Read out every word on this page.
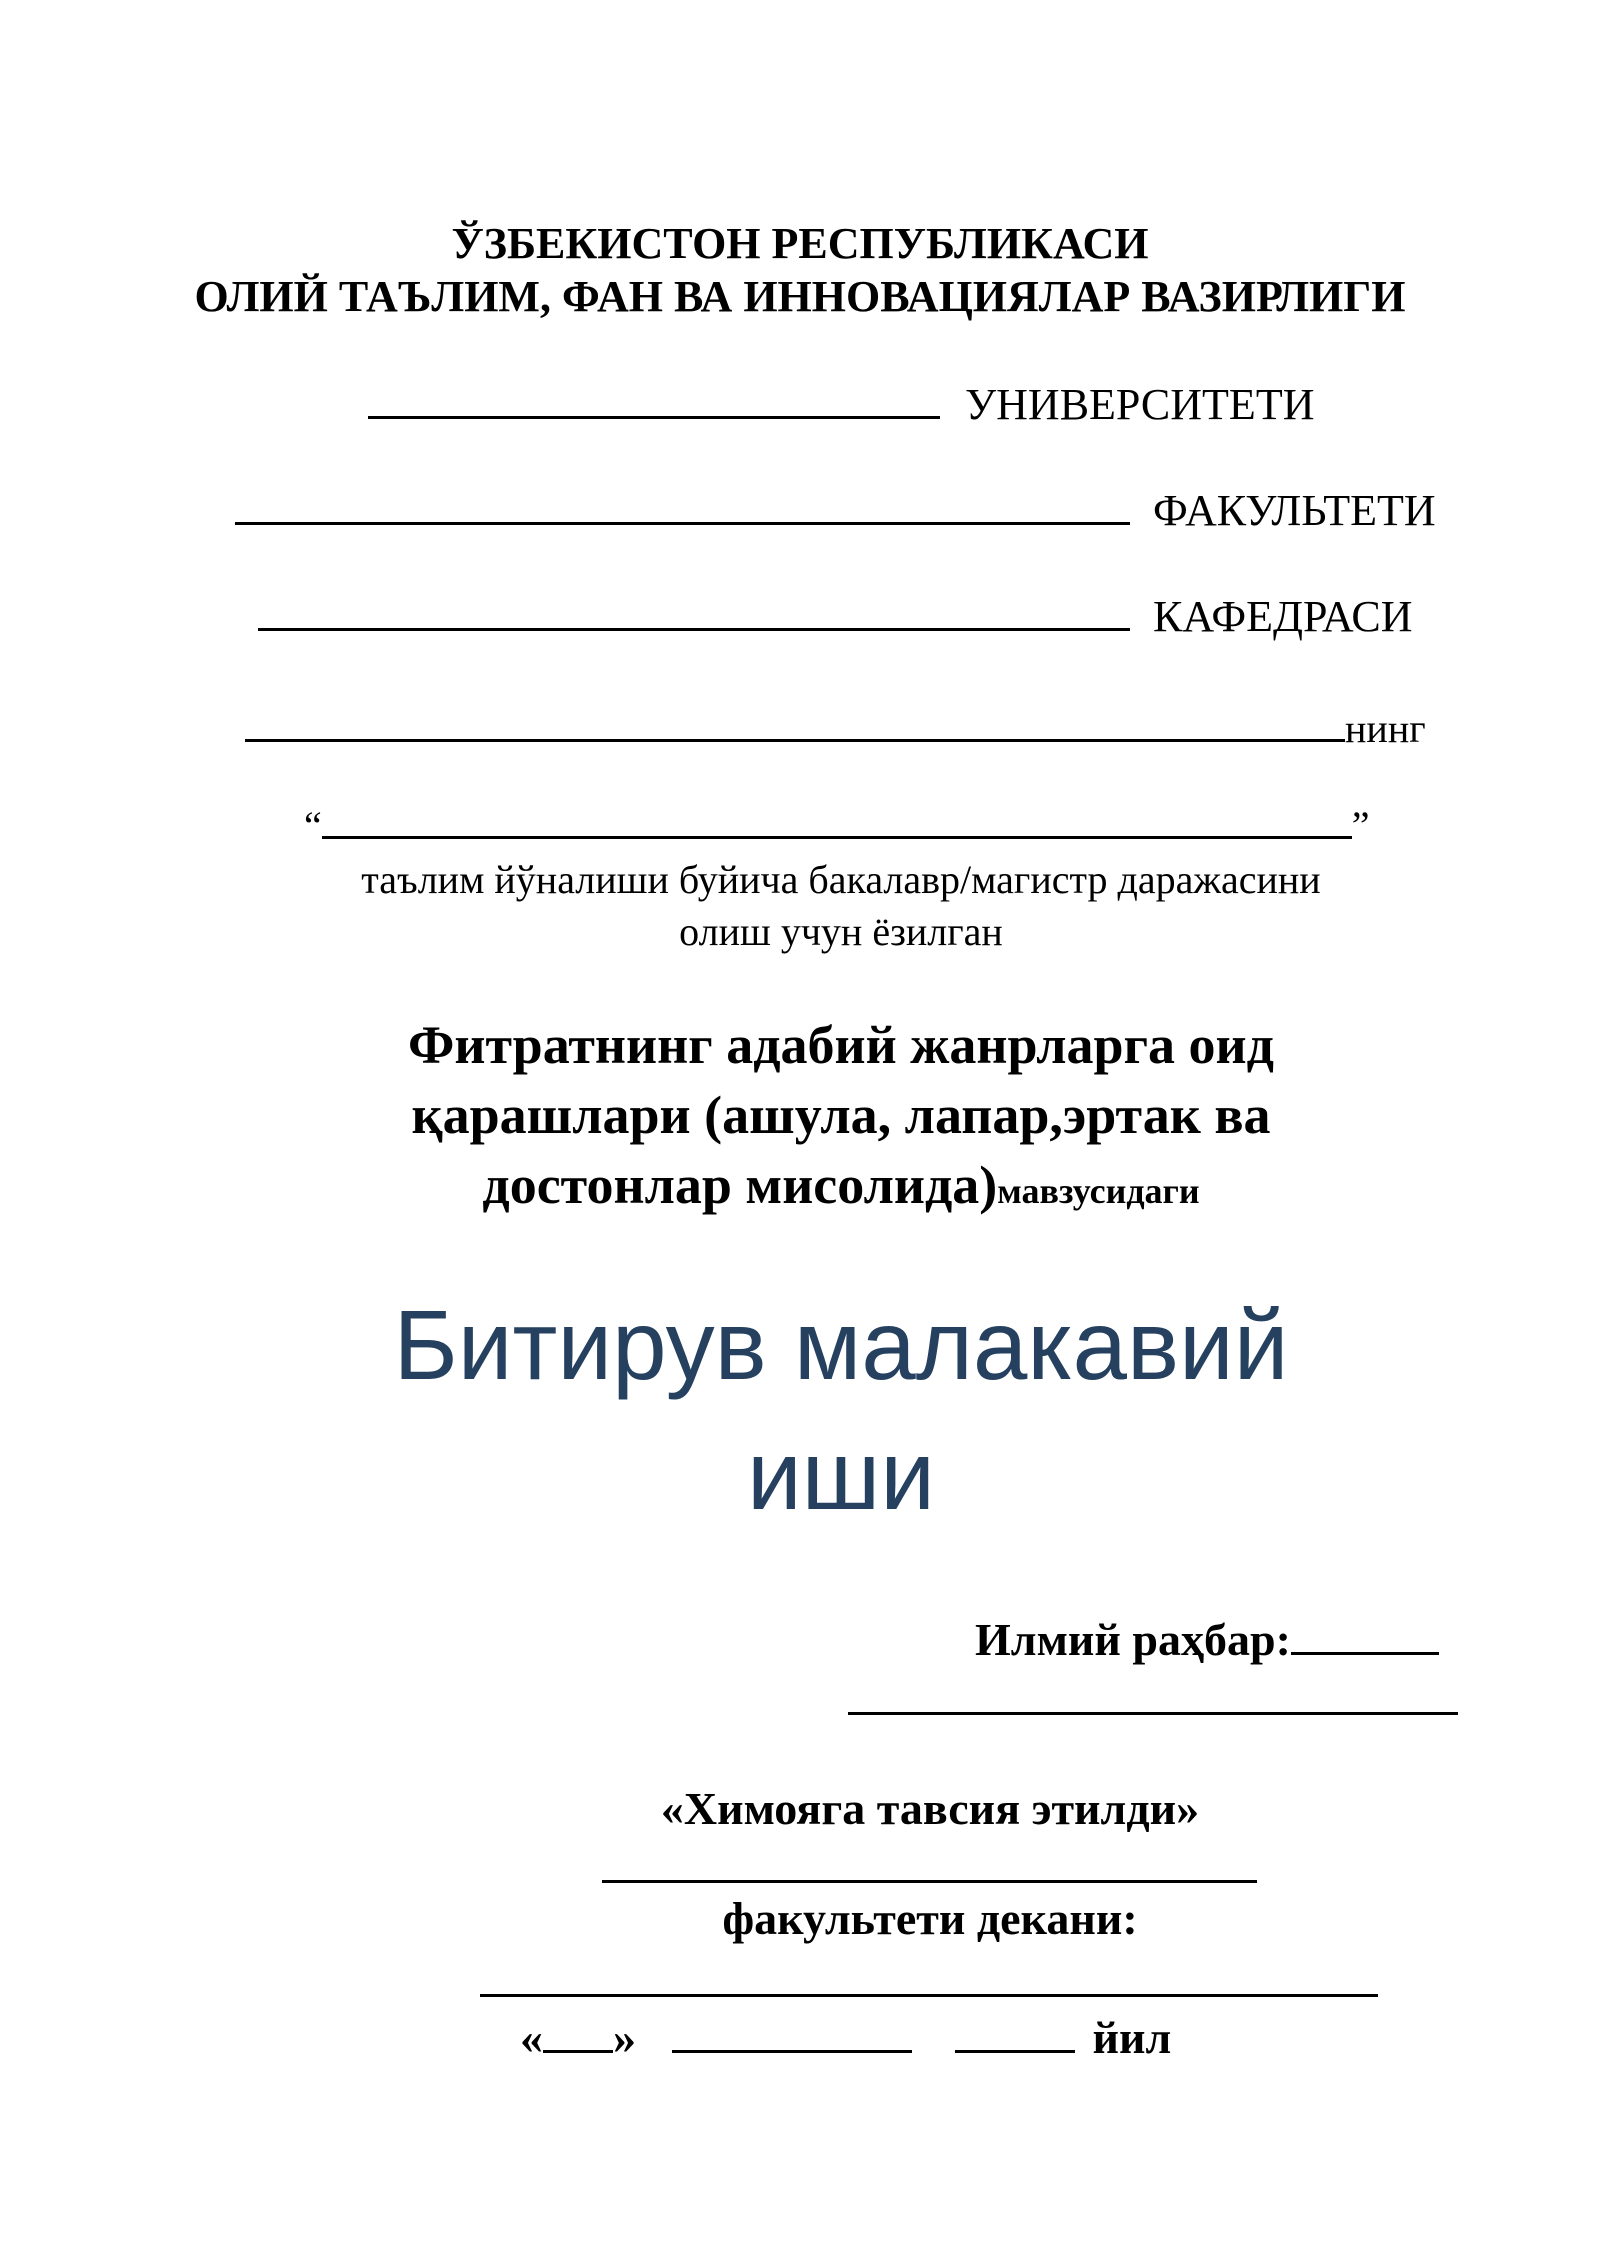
ЎЗБЕКИСТОН РЕСПУБЛИКАСИ
ОЛИЙ ТАЪЛИМ, ФАН ВА ИННОВАЦИЯЛАР ВАЗИРЛИГИ
УНИВЕРСИТЕТИ
ФАКУЛЬТЕТИ
КАФЕДРАСИ
нинг
“	”
таълим йўналиши буйича бакалавр/магистр даражасини
олиш учун ёзилган
Фитратнинг адабий жанрларга оид
қарашлари (ашула, лапар,эртак ва
достонлар мисолида)мавзусидаги
Битирув малакавий
иши
Илмий раҳбар:
«Химояга тавсия этилди»
факультети декани:
« »	йил
